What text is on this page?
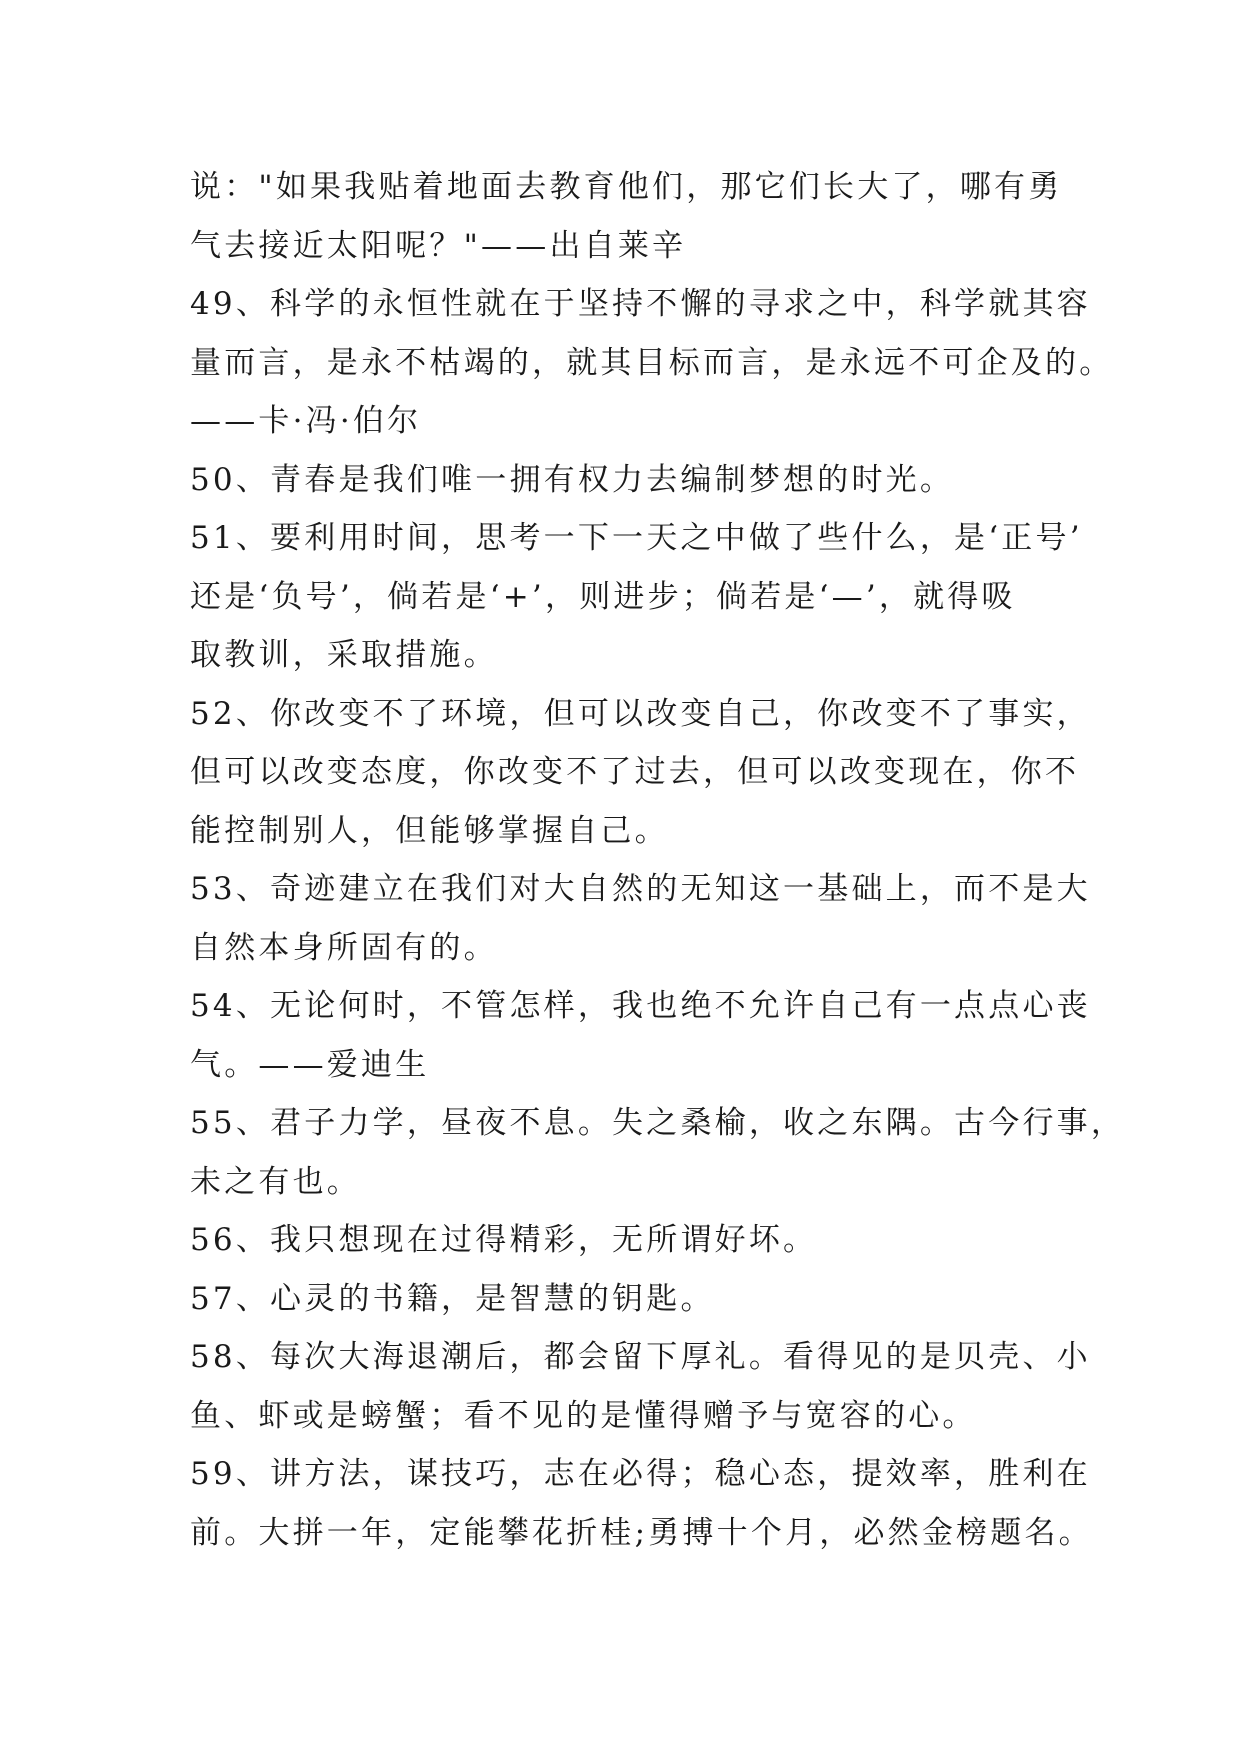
说："如果我贴着地面去教育他们，那它们长大了，哪有勇
气去接近太阳呢？"——出自莱辛
49、科学的永恒性就在于坚持不懈的寻求之中，科学就其容
量而言，是永不枯竭的，就其目标而言，是永远不可企及的。
——卡·冯·伯尔
50、青春是我们唯一拥有权力去编制梦想的时光。
51、要利用时间，思考一下一天之中做了些什么，是‘正号’
还是‘负号’，倘若是‘+’，则进步；倘若是‘—’，就得吸
取教训，采取措施。
52、你改变不了环境，但可以改变自己，你改变不了事实，
但可以改变态度，你改变不了过去，但可以改变现在，你不
能控制别人，但能够掌握自己。
53、奇迹建立在我们对大自然的无知这一基础上，而不是大
自然本身所固有的。
54、无论何时，不管怎样，我也绝不允许自己有一点点心丧
气。——爱迪生
55、君子力学，昼夜不息。失之桑榆，收之东隅。古今行事，
未之有也。
56、我只想现在过得精彩，无所谓好坏。
57、心灵的书籍，是智慧的钥匙。
58、每次大海退潮后，都会留下厚礼。看得见的是贝壳、小
鱼、虾或是螃蟹；看不见的是懂得赠予与宽容的心。
59、讲方法，谋技巧，志在必得；稳心态，提效率，胜利在
前。大拼一年，定能攀花折桂;勇搏十个月，必然金榜题名。
